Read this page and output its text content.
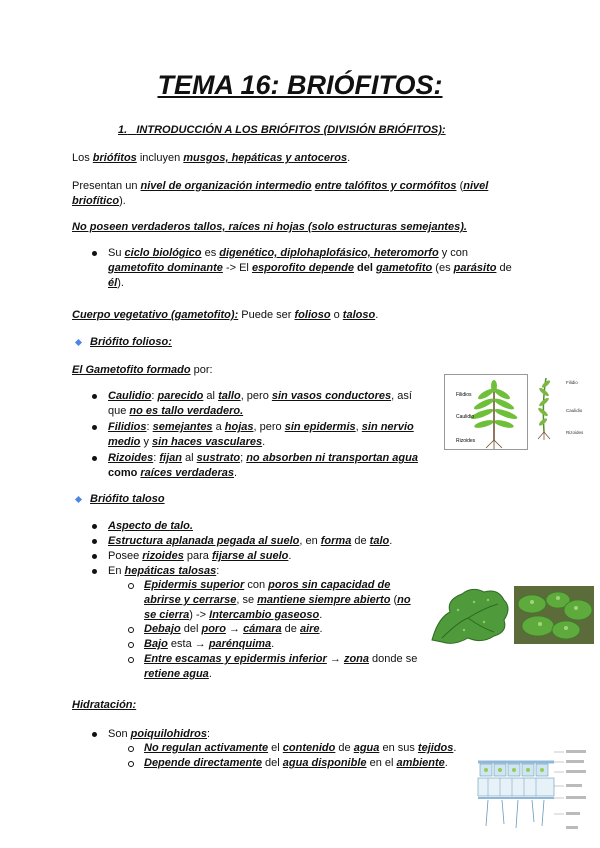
TEMA 16: BRIÓFITOS:
1. INTRODUCCIÓN A LOS BRIÓFITOS (DIVISIÓN BRIÓFITOS):
Los briófitos incluyen musgos, hepáticas y antoceros.
Presentan un nivel de organización intermedio entre talófitos y cormófitos (nivel briofítico).
No poseen verdaderos tallos, raíces ni hojas (solo estructuras semejantes).
Su ciclo biológico es digenético, diplohaplofásico, heteromorfo y con gametofito dominante -> El esporofito depende del gametofito (es parásito de él).
Cuerpo vegetativo (gametofito): Puede ser folioso o taloso.
Briófito folioso:
El Gametofito formado por:
Caulidio: parecido al tallo, pero sin vasos conductores, así que no es tallo verdadero.
Filidios: semejantes a hojas, pero sin epidermis, sin nervio medio y sin haces vasculares.
Rizoides: fijan al sustrato; no absorben ni transportan agua como raíces verdaderas.
Filidios
Caulidio
Rizoides
Filidio
Caulidio
Rizoides
Briófito taloso
Aspecto de talo.
Estructura aplanada pegada al suelo, en forma de talo.
Posee rizoides para fijarse al suelo.
En hepáticas talosas:
Epidermis superior con poros sin capacidad de abrirse y cerrarse, se mantiene siempre abierto (no se cierra) -> Intercambio gaseoso.
Debajo del poro → cámara de aire.
Bajo esta → parénquima.
Entre escamas y epidermis inferior → zona donde se retiene agua.
Hidratación:
Son poiquilohidros:
No regulan activamente el contenido de agua en sus tejidos.
Depende directamente del agua disponible en el ambiente.
